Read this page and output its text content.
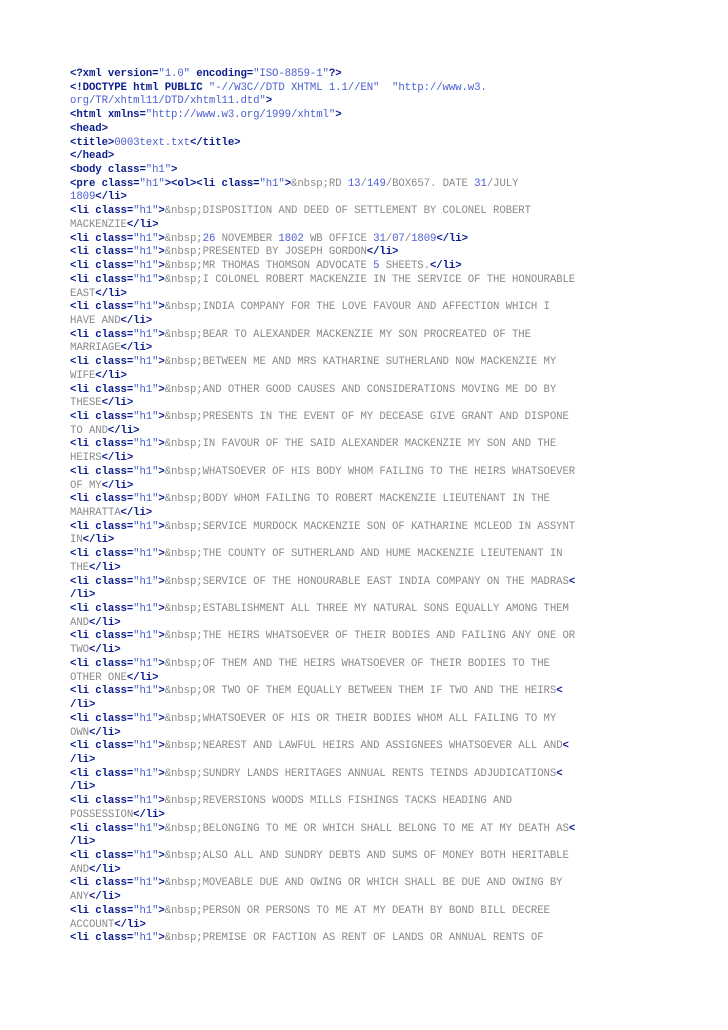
<?xml version="1.0" encoding="ISO-8859-1"?>
<!DOCTYPE html PUBLIC "-//W3C//DTD XHTML 1.1//EN"  "http://www.w3.
org/TR/xhtml11/DTD/xhtml11.dtd">
<html xmlns="http://www.w3.org/1999/xhtml">
<head>
<title>0003text.txt</title>
</head>
<body class="h1">
<pre class="h1"><ol><li class="h1">&nbsp;RD 13/149/BOX657. DATE 31/JULY
1809</li>
<li class="h1">&nbsp;DISPOSITION AND DEED OF SETTLEMENT BY COLONEL ROBERT
MACKENZIE</li>
<li class="h1">&nbsp;26 NOVEMBER 1802 WB OFFICE 31/07/1809</li>
<li class="h1">&nbsp;PRESENTED BY JOSEPH GORDON</li>
<li class="h1">&nbsp;MR THOMAS THOMSON ADVOCATE 5 SHEETS.</li>
<li class="h1">&nbsp;I COLONEL ROBERT MACKENZIE IN THE SERVICE OF THE HONOURABLE
EAST</li>
<li class="h1">&nbsp;INDIA COMPANY FOR THE LOVE FAVOUR AND AFFECTION WHICH I
HAVE AND</li>
<li class="h1">&nbsp;BEAR TO ALEXANDER MACKENZIE MY SON PROCREATED OF THE
MARRIAGE</li>
<li class="h1">&nbsp;BETWEEN ME AND MRS KATHARINE SUTHERLAND NOW MACKENZIE MY
WIFE</li>
<li class="h1">&nbsp;AND OTHER GOOD CAUSES AND CONSIDERATIONS MOVING ME DO BY
THESE</li>
<li class="h1">&nbsp;PRESENTS IN THE EVENT OF MY DECEASE GIVE GRANT AND DISPONE
TO AND</li>
<li class="h1">&nbsp;IN FAVOUR OF THE SAID ALEXANDER MACKENZIE MY SON AND THE
HEIRS</li>
<li class="h1">&nbsp;WHATSOEVER OF HIS BODY WHOM FAILING TO THE HEIRS WHATSOEVER
OF MY</li>
<li class="h1">&nbsp;BODY WHOM FAILING TO ROBERT MACKENZIE LIEUTENANT IN THE
MAHRATTA</li>
<li class="h1">&nbsp;SERVICE MURDOCK MACKENZIE SON OF KATHARINE MCLEOD IN ASSYNT
IN</li>
<li class="h1">&nbsp;THE COUNTY OF SUTHERLAND AND HUME MACKENZIE LIEUTENANT IN
THE</li>
<li class="h1">&nbsp;SERVICE OF THE HONOURABLE EAST INDIA COMPANY ON THE MADRAS<
/li>
<li class="h1">&nbsp;ESTABLISHMENT ALL THREE MY NATURAL SONS EQUALLY AMONG THEM
AND</li>
<li class="h1">&nbsp;THE HEIRS WHATSOEVER OF THEIR BODIES AND FAILING ANY ONE OR
TWO</li>
<li class="h1">&nbsp;OF THEM AND THE HEIRS WHATSOEVER OF THEIR BODIES TO THE
OTHER ONE</li>
<li class="h1">&nbsp;OR TWO OF THEM EQUALLY BETWEEN THEM IF TWO AND THE HEIRS<
/li>
<li class="h1">&nbsp;WHATSOEVER OF HIS OR THEIR BODIES WHOM ALL FAILING TO MY
OWN</li>
<li class="h1">&nbsp;NEAREST AND LAWFUL HEIRS AND ASSIGNEES WHATSOEVER ALL AND<
/li>
<li class="h1">&nbsp;SUNDRY LANDS HERITAGES ANNUAL RENTS TEINDS ADJUDICATIONS<
/li>
<li class="h1">&nbsp;REVERSIONS WOODS MILLS FISHINGS TACKS HEADING AND
POSSESSION</li>
<li class="h1">&nbsp;BELONGING TO ME OR WHICH SHALL BELONG TO ME AT MY DEATH AS<
/li>
<li class="h1">&nbsp;ALSO ALL AND SUNDRY DEBTS AND SUMS OF MONEY BOTH HERITABLE
AND</li>
<li class="h1">&nbsp;MOVEABLE DUE AND OWING OR WHICH SHALL BE DUE AND OWING BY
ANY</li>
<li class="h1">&nbsp;PERSON OR PERSONS TO ME AT MY DEATH BY BOND BILL DECREE
ACCOUNT</li>
<li class="h1">&nbsp;PREMISE OR FACTION AS RENT OF LANDS OR ANNUAL RENTS OF
